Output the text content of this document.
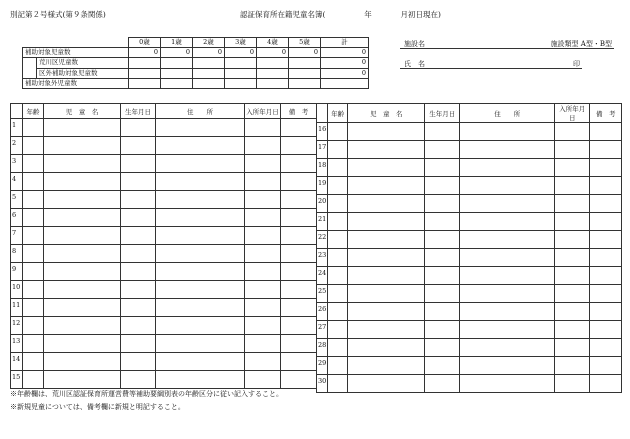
別記第２号様式(第９条関係)	認証保育所在籍児童名簿(	年	月初日現在)
		0歳	1歳	2歳	3歳	4歳	5歳	計
補助対象児童数		0	0	0	0	0	0	0
	荒川区児童数							0
	区外補助対象児童数							0
補助対象外児童数								
施設名	施設類型 A型・B型
氏　名	印
	年齢	児　童　名	生年月日	住　　所	入所年月日	備　考
1						
2						
3						
4						
5						
6						
7						
8						
9						
10						
11						
12						
13						
14						
15						
	年齢	児　童　名	生年月日	住　　所	入所年月日	備　考
16						
17						
18						
19						
20						
21						
22						
23						
24						
25						
26						
27						
28						
29						
30						
※年齢欄は、荒川区認証保育所運営費等補助要綱別表の年齢区分に従い記入すること。
※新規児童については、備考欄に新規と明記すること。
